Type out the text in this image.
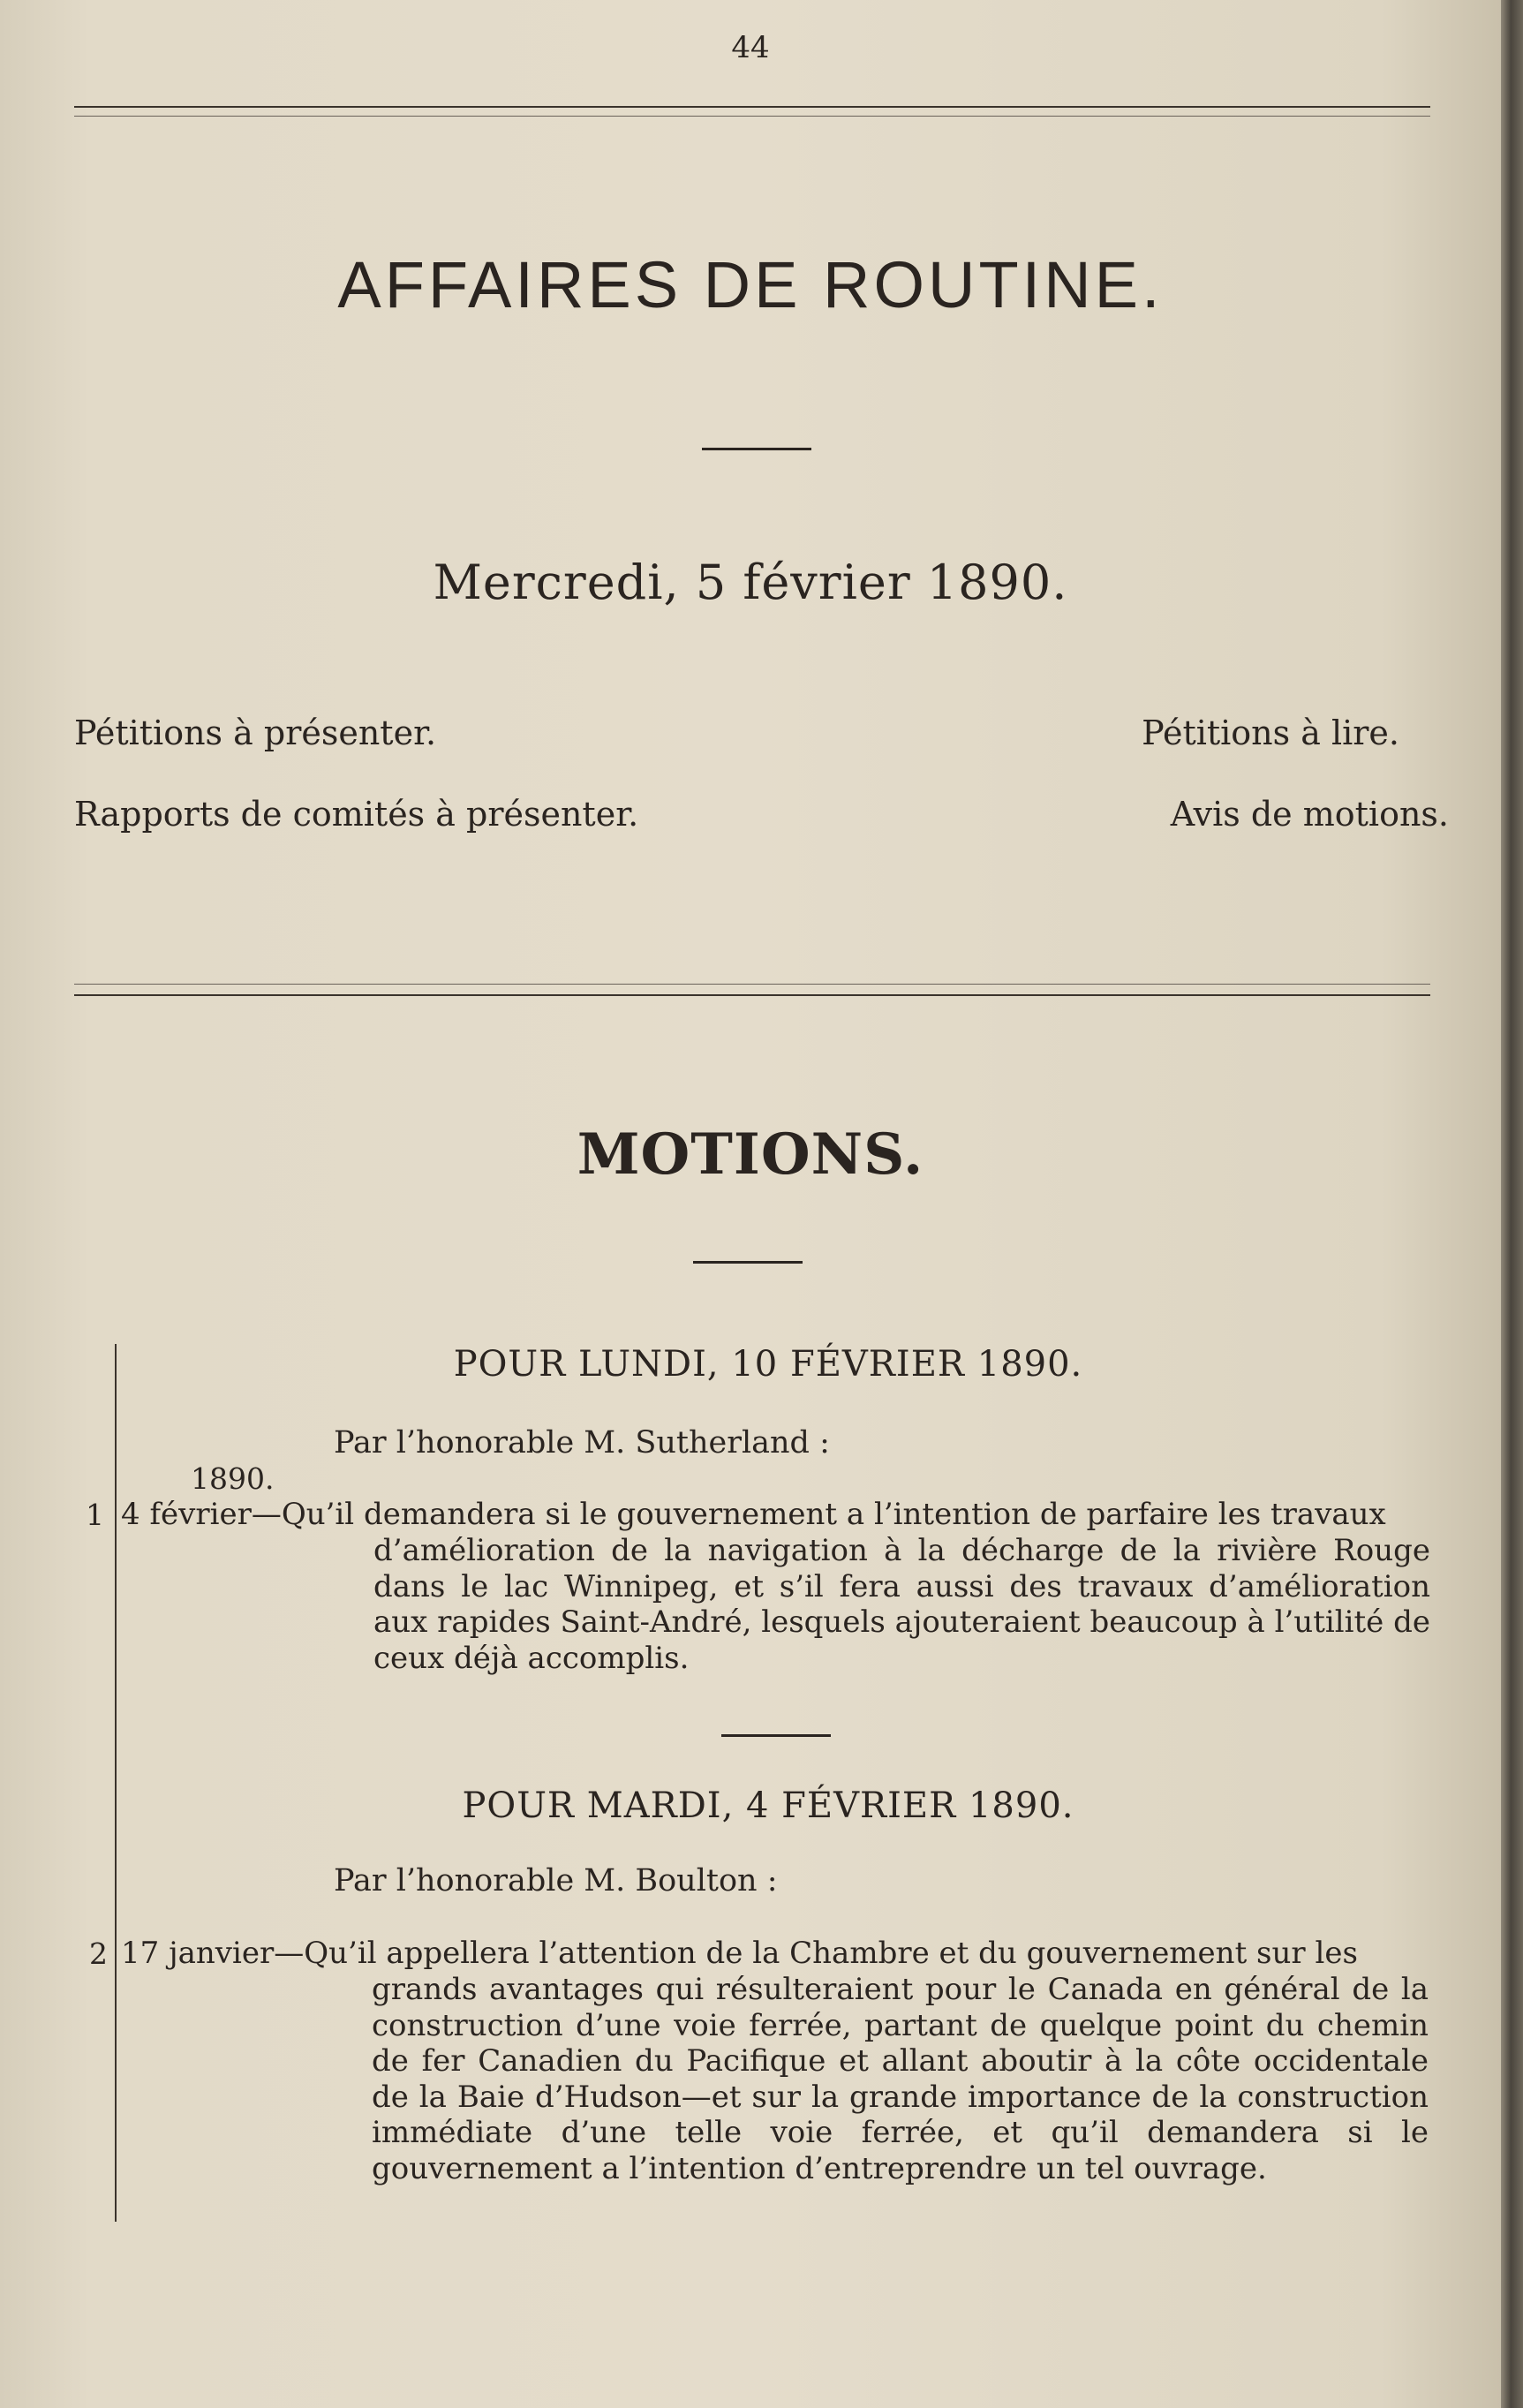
44
AFFAIRES DE ROUTINE.
Mercredi, 5 février 1890.
Pétitions à présenter.	Pétitions à lire.
Rapports de comités à présenter.	Avis de motions.
MOTIONS.
POUR LUNDI, 10 FÉVRIER 1890.
Par l’honorable M. Sutherland :
1890.
1 4 février—Qu’il demandera si le gouvernement a l’intention de parfaire les travaux
d’amélioration de la navigation à la décharge de la rivière Rouge dans le lac Winnipeg, et s’il fera aussi des travaux d’amélioration aux rapides Saint-André, lesquels ajouteraient beaucoup à l’utilité de ceux déjà accomplis.
POUR MARDI, 4 FÉVRIER 1890.
Par l’honorable M. Boulton :
2 17 janvier—Qu’il appellera l’attention de la Chambre et du gouvernement sur les
grands avantages qui résulteraient pour le Canada en général de la construction d’une voie ferrée, partant de quelque point du chemin de fer Canadien du Pacifique et allant aboutir à la côte occidentale de la Baie d’Hudson—et sur la grande importance de la construction immédiate d’une telle voie ferrée, et qu’il demandera si le gouvernement a l’intention d’entreprendre un tel ouvrage.
